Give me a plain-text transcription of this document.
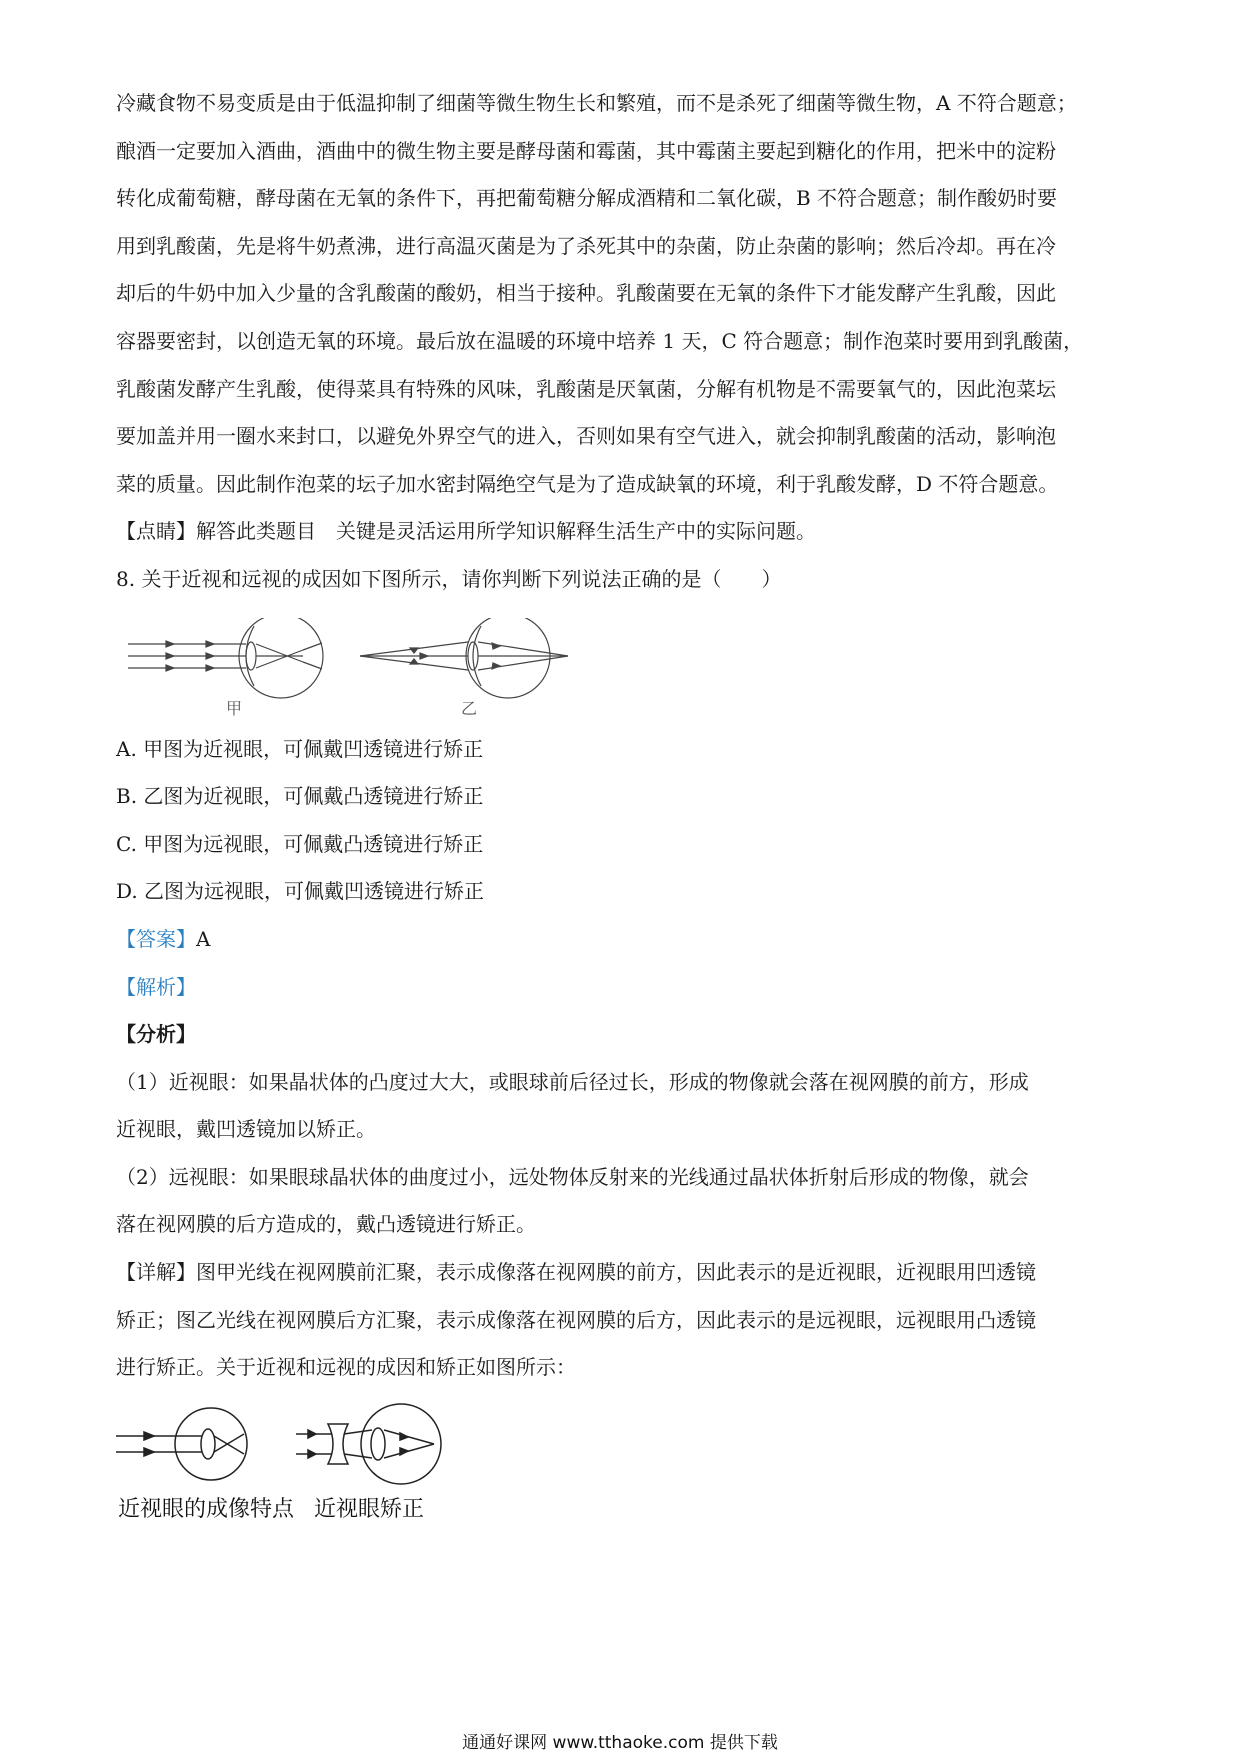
冷藏食物不易变质是由于低温抑制了细菌等微生物生长和繁殖，而不是杀死了细菌等微生物，A 不符合题意；
酿酒一定要加入酒曲，酒曲中的微生物主要是酵母菌和霉菌，其中霉菌主要起到糖化的作用，把米中的淀粉
转化成葡萄糖，酵母菌在无氧的条件下，再把葡萄糖分解成酒精和二氧化碳，B 不符合题意；制作酸奶时要
用到乳酸菌，先是将牛奶煮沸，进行高温灭菌是为了杀死其中的杂菌，防止杂菌的影响；然后冷却。再在冷
却后的牛奶中加入少量的含乳酸菌的酸奶，相当于接种。乳酸菌要在无氧的条件下才能发酵产生乳酸，因此
容器要密封，以创造无氧的环境。最后放在温暖的环境中培养 1 天，C 符合题意；制作泡菜时要用到乳酸菌，
乳酸菌发酵产生乳酸，使得菜具有特殊的风味，乳酸菌是厌氧菌，分解有机物是不需要氧气的，因此泡菜坛
要加盖并用一圈水来封口，以避免外界空气的进入，否则如果有空气进入，就会抑制乳酸菌的活动，影响泡
菜的质量。因此制作泡菜的坛子加水密封隔绝空气是为了造成缺氧的环境，利于乳酸发酵，D 不符合题意。

【点睛】解答此类题目　关键是灵活运用所学知识解释生活生产中的实际问题。

8. 关于近视和远视的成因如下图所示，请你判断下列说法正确的是（　　）

甲	乙

A. 甲图为近视眼，可佩戴凹透镜进行矫正

B. 乙图为近视眼，可佩戴凸透镜进行矫正

C. 甲图为远视眼，可佩戴凸透镜进行矫正

D. 乙图为远视眼，可佩戴凹透镜进行矫正

【答案】A

【解析】

【分析】

（1）近视眼：如果晶状体的凸度过大大，或眼球前后径过长，形成的物像就会落在视网膜的前方，形成
近视眼，戴凹透镜加以矫正。

（2）远视眼：如果眼球晶状体的曲度过小，远处物体反射来的光线通过晶状体折射后形成的物像，就会
落在视网膜的后方造成的，戴凸透镜进行矫正。

【详解】图甲光线在视网膜前汇聚，表示成像落在视网膜的前方，因此表示的是近视眼，近视眼用凹透镜
矫正；图乙光线在视网膜后方汇聚，表示成像落在视网膜的后方，因此表示的是远视眼，远视眼用凸透镜
进行矫正。关于近视和远视的成因和矫正如图所示：

近视眼的成像特点 近视眼矫正
通通好课网 www.tthaoke.com 提供下载
